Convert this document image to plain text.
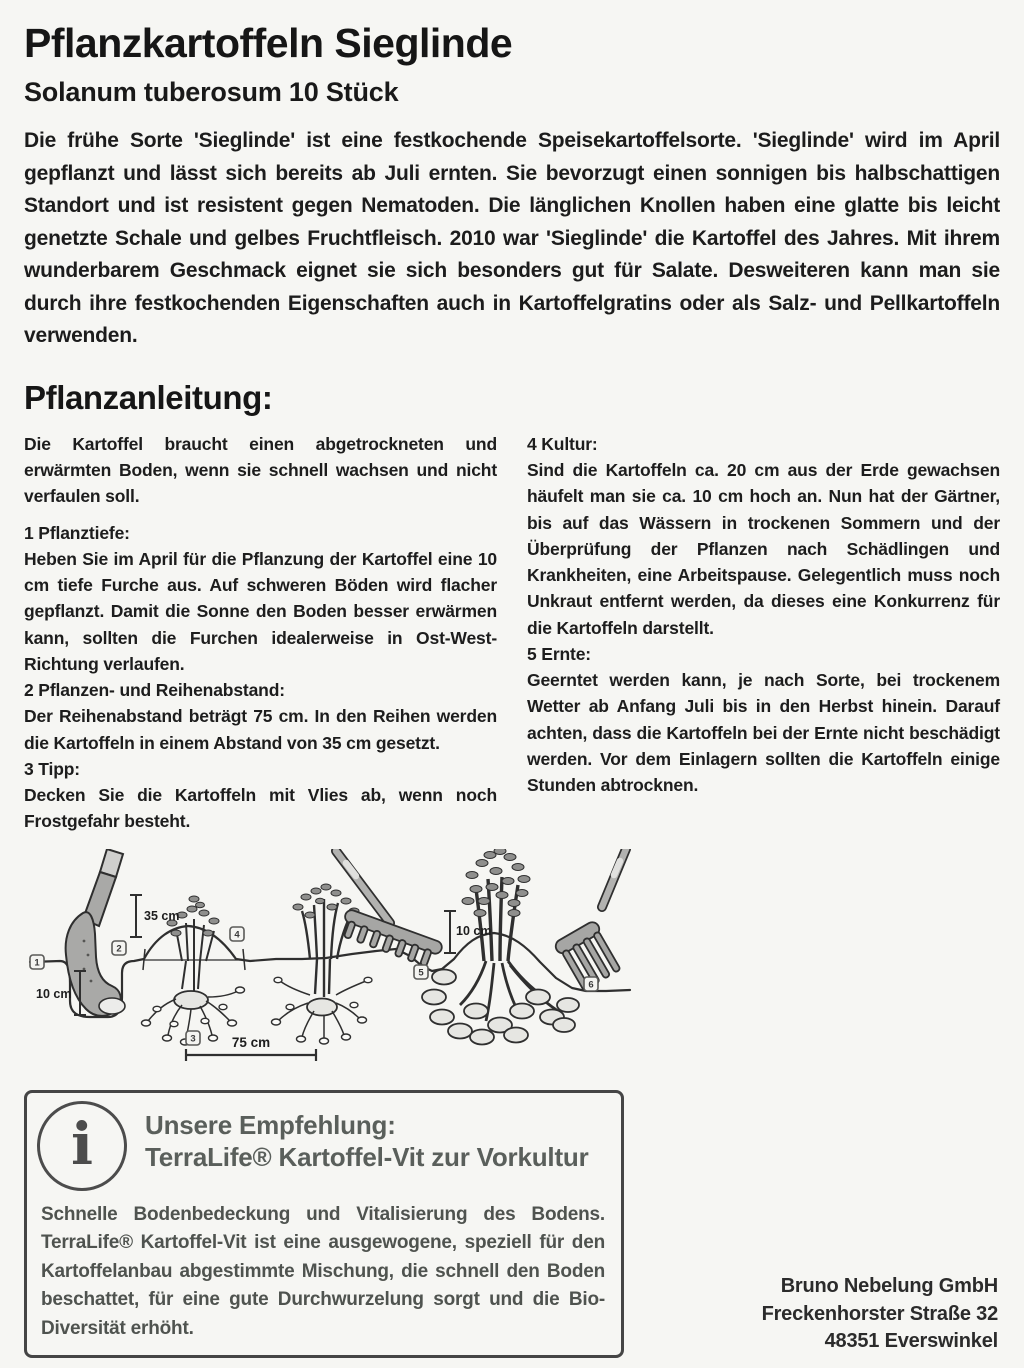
Pflanzkartoffeln Sieglinde
Solanum tuberosum 10 Stück

Die frühe Sorte 'Sieglinde' ist eine festkochende Speisekartoffelsorte. 'Sieglinde' wird im April gepflanzt und lässt sich bereits ab Juli ernten. Sie bevorzugt einen sonnigen bis halbschattigen Standort und ist resistent gegen Nematoden. Die länglichen Knollen haben eine glatte bis leicht genetzte Schale und gelbes Fruchtfleisch. 2010 war 'Sieglinde' die Kartoffel des Jahres. Mit ihrem wunderbarem Geschmack eignet sie sich besonders gut für Salate. Desweiteren kann man sie durch ihre festkochenden Eigenschaften auch in Kartoffelgratins oder als Salz- und Pellkartoffeln verwenden.

Pflanzanleitung:

Die Kartoffel braucht einen abgetrockneten und erwärmten Boden, wenn sie schnell wachsen und nicht verfaulen soll.

1 Pflanztiefe:

Heben Sie im April für die Pflanzung der Kartoffel eine 10 cm tiefe Furche aus. Auf schweren Böden wird flacher gepflanzt. Damit die Sonne den Boden besser erwärmen kann, sollten die Furchen idealerweise in Ost-West-Richtung verlaufen.

2 Pflanzen- und Reihenabstand:

Der Reihenabstand beträgt 75 cm. In den Reihen werden die Kartoffeln in einem Abstand von 35 cm gesetzt.

3 Tipp:

Decken Sie die Kartoffeln mit Vlies ab, wenn noch Frostgefahr besteht.

4 Kultur:

Sind die Kartoffeln ca. 20 cm aus der Erde gewachsen häufelt man sie ca. 10 cm hoch an. Nun hat der Gärtner, bis auf das Wässern in trockenen Sommern und der Überprüfung der Pflanzen nach Schädlingen und Krankheiten, eine Arbeitspause. Gelegentlich muss noch Unkraut entfernt werden, da dieses eine Konkurrenz für die Kartoffeln darstellt.

5 Ernte:

Geerntet werden kann, je nach Sorte, bei trockenem Wetter ab Anfang Juli bis in den Herbst hinein. Darauf achten, dass die Kartoffeln bei der Ernte nicht beschädigt werden. Vor dem Einlagern sollten die Kartoffeln einige Stunden abtrocknen.

35 cm
10 cm
10 cm
75 cm
1
2
3
4
5
6
i Unsere Empfehlung:
TerraLife® Kartoffel-Vit zur Vorkultur

Schnelle Bodenbedeckung und Vitalisierung des Bodens. TerraLife® Kartoffel-Vit ist eine ausgewogene, speziell für den Kartoffelanbau abgestimmte Mischung, die schnell den Boden beschattet, für eine gute Durchwurzelung sorgt und die Bio-Diversität erhöht.

Bruno Nebelung GmbH
Freckenhorster Straße 32
48351 Everswinkel
